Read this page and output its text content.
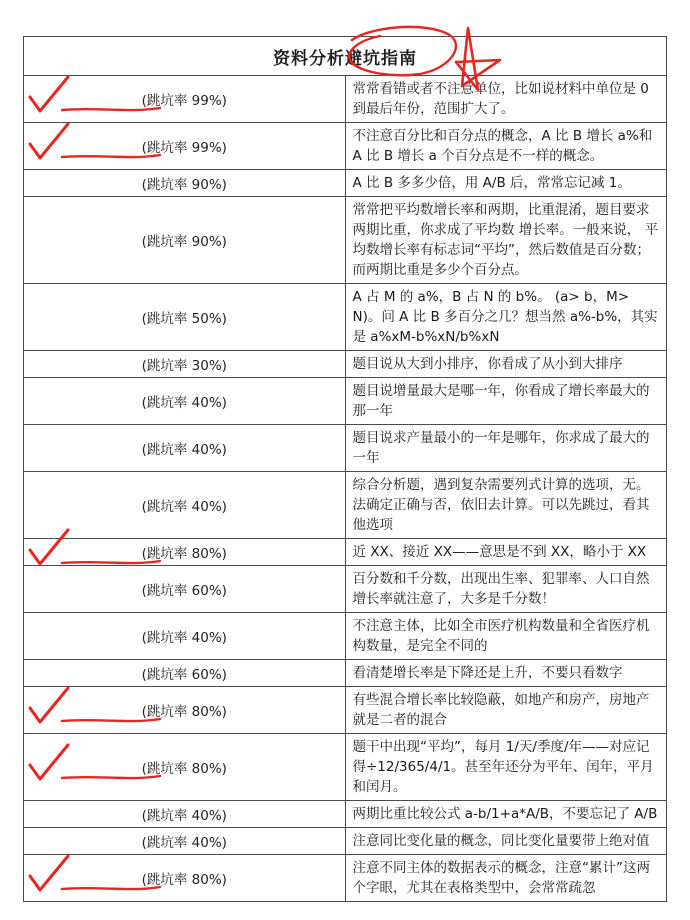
资料分析避坑指南	
(跳坑率 99%)	常常看错或者不注意单位，比如说材料中单位是 0 到最后年份，范围扩大了。
(跳坑率 99%)	不注意百分比和百分点的概念，A 比 B 增长 a%和 A 比 B 增长 a 个百分点是不一样的概念。
(跳坑率 90%)	A 比 B 多多少倍，用 A/B 后，常常忘记减 1。
(跳坑率 90%)	常常把平均数增长率和两期，比重混淆，题目要求两期比重，你求成了平均数 增长率。一般来说， 平均数增长率有标志词“平均”，然后数值是百分数；而两期比重是多少个百分点。
(跳坑率 50%)	A 占 M 的 a%，B 占 N 的 b%。 (a> b，M> N)。问 A 比 B 多百分之几？想当然 a%-b%，其实是 a%xM-b%xN/b%xN
(跳坑率 30%)	题目说从大到小排序，你看成了从小到大排序
(跳坑率 40%)	题目说增量最大是哪一年，你看成了增长率最大的那一年
(跳坑率 40%)	题目说求产量最小的一年是哪年，你求成了最大的一年
(跳坑率 40%)	综合分析题，遇到复杂需要列式计算的选项，无。法确定正确与否，依旧去计算。可以先跳过，看其他选项
(跳坑率 80%)	近 XX、接近 XX——意思是不到 XX，略小于 XX
(跳坑率 60%)	百分数和千分数，出现出生率、犯罪率、人口自然增长率就注意了，大多是千分数！
(跳坑率 40%)	不注意主体，比如全市医疗机构数量和全省医疗机构数量，是完全不同的
(跳坑率 60%)	看清楚增长率是下降还是上升，不要只看数字
(跳坑率 80%)	有些混合增长率比较隐蔽，如地产和房产，房地产就是二者的混合
(跳坑率 80%)	题干中出现“平均”，每月 1/天/季度/年——对应记得÷12/365/4/1。甚至年还分为平年、闰年，平月和闰月。
(跳坑率 40%)	两期比重比较公式 a-b/1+a*A/B，不要忘记了 A/B
(跳坑率 40%)	注意同比变化量的概念，同比变化量要带上绝对值
(跳坑率 80%)	注意不同主体的数据表示的概念，注意“累计”这两个字眼，尤其在表格类型中，会常常疏忽
